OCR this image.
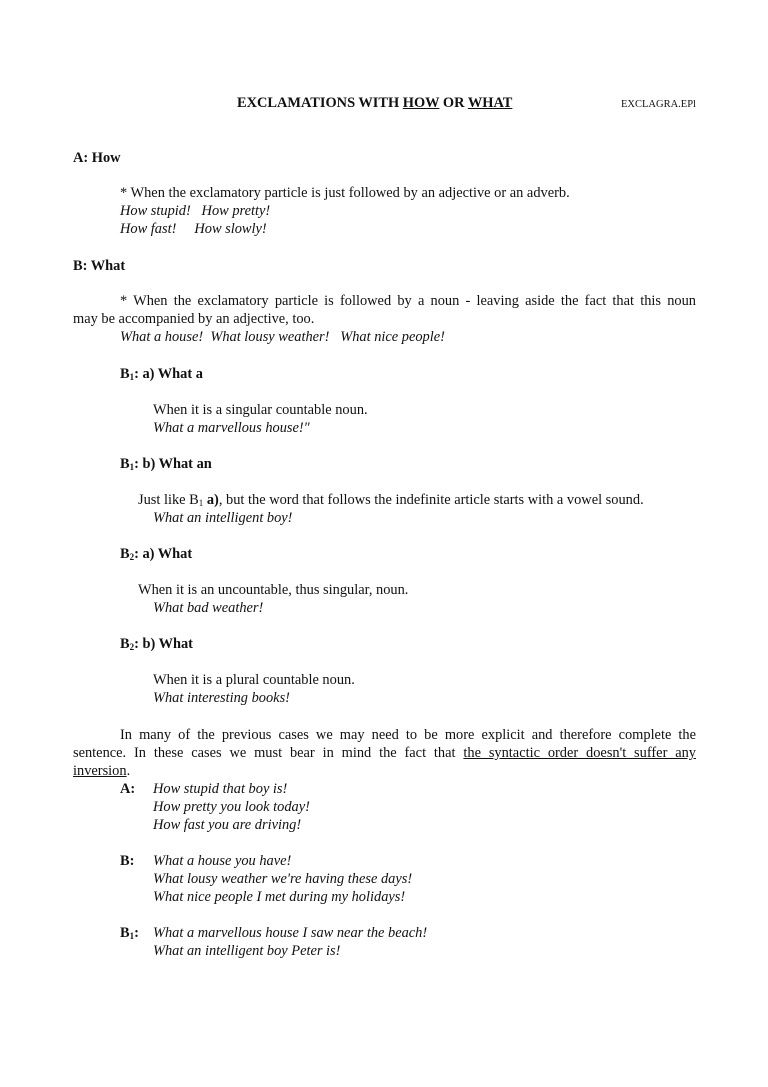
EXCLAMATIONS WITH HOW OR WHAT	EXCLAGRA.EPl
A: How
* When the exclamatory particle is just followed by an adjective or an adverb.
How stupid!   How pretty!
How fast!     How slowly!
B: What
* When the exclamatory particle is followed by a noun - leaving aside the fact that this noun
may be accompanied by an adjective, too.
What a house!  What lousy weather!   What nice people!
$B_1$: a) What a
When it is a singular countable noun.
What a marvellous house!"
$B_1$: b) What an
Just like $B_1$ a), but the word that follows the indefinite article starts with a vowel sound.
What an intelligent boy!
$B_2$: a) What
When it is an uncountable, thus singular, noun.
What bad weather!
$B_2$: b) What
When it is a plural countable noun.
What interesting books!
In many of the previous cases we may need to be more explicit and therefore complete the
sentence. In these cases we must bear in mind the fact that the syntactic order doesn't suffer any
inversion.
A: How stupid that boy is!
How pretty you look today!
How fast you are driving!
B: What a house you have!
What lousy weather we're having these days!
What nice people I met during my holidays!
$B_1$: What a marvellous house I saw near the beach!
What an intelligent boy Peter is!
